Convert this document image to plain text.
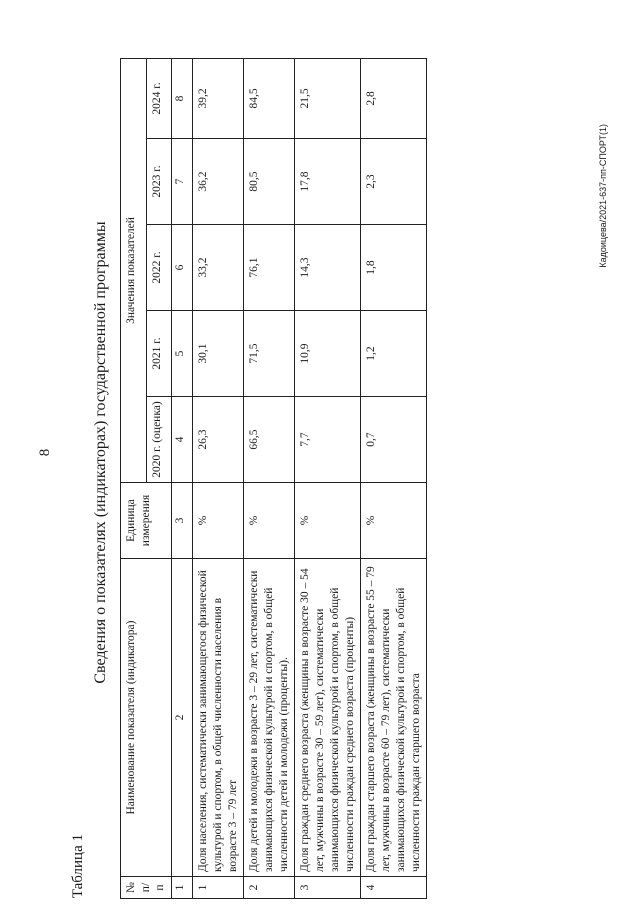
8
Таблица 1
Сведения о показателях (индикаторах) государственной программы
№ п/п	Наименование показателя (индикатора)	Единица измерения	Значения показателей				
			2020 г. (оценка)	2021 г.	2022 г.	2023 г.	2024 г.
1	2	3	4	5	6	7	8
1	Доля населения, систематически занимающегося физической культурой и спортом, в общей численности населения в возрасте 3 – 79 лет	%	26,3	30,1	33,2	36,2	39,2
2	Доля детей и молодежи в возрасте 3 – 29 лет, систематически занимающихся физической культурой и спортом, в общей численности детей и молодежи (проценты).	%	66,5	71,5	76,1	80,5	84,5
3	Доля граждан среднего возраста (женщины в возрасте 30 – 54 лет, мужчины в возрасте 30 – 59 лет), систематически занимающихся физической культурой и спортом, в общей численности граждан среднего возраста (проценты)	%	7,7	10,9	14,3	17,8	21,5
4	Доля граждан старшего возраста (женщины в возрасте 55 – 79 лет, мужчины в возрасте 60 – 79 лет), систематически занимающихся физической культурой и спортом, в общей численности граждан старшего возраста	%	0,7	1,2	1,8	2,3	2,8
Кадоицева/2021-637-пп-СПОРТ(1)
